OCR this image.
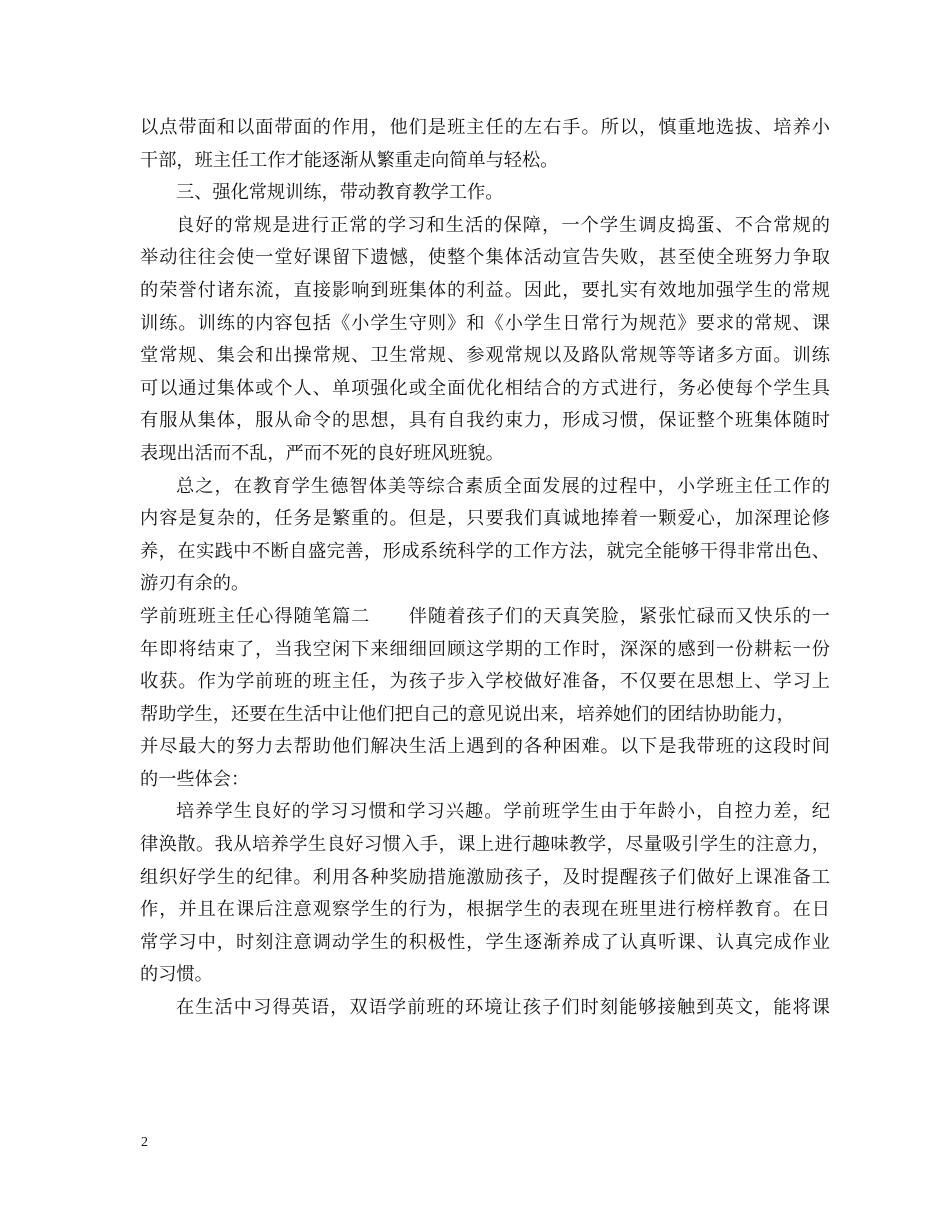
以点带面和以面带面的作用，他们是班主任的左右手。所以，慎重地选拔、培养小
干部，班主任工作才能逐渐从繁重走向简单与轻松。
三、强化常规训练，带动教育教学工作。
良好的常规是进行正常的学习和生活的保障，一个学生调皮捣蛋、不合常规的
举动往往会使一堂好课留下遗憾，使整个集体活动宣告失败，甚至使全班努力争取
的荣誉付诸东流，直接影响到班集体的利益。因此，要扎实有效地加强学生的常规
训练。训练的内容包括《小学生守则》和《小学生日常行为规范》要求的常规、课
堂常规、集会和出操常规、卫生常规、参观常规以及路队常规等等诸多方面。训练
可以通过集体或个人、单项强化或全面优化相结合的方式进行，务必使每个学生具
有服从集体，服从命令的思想，具有自我约束力，形成习惯，保证整个班集体随时
表现出活而不乱，严而不死的良好班风班貌。
总之，在教育学生德智体美等综合素质全面发展的过程中，小学班主任工作的
内容是复杂的，任务是繁重的。但是，只要我们真诚地捧着一颗爱心，加深理论修
养，在实践中不断自盛完善，形成系统科学的工作方法，就完全能够干得非常出色、
游刃有余的。
学前班班主任心得随笔篇二　　伴随着孩子们的天真笑脸，紧张忙碌而又快乐的一
年即将结束了，当我空闲下来细细回顾这学期的工作时，深深的感到一份耕耘一份
收获。作为学前班的班主任，为孩子步入学校做好准备，不仅要在思想上、学习上
帮助学生，还要在生活中让他们把自己的意见说出来，培养她们的团结协助能力，
并尽最大的努力去帮助他们解决生活上遇到的各种困难。以下是我带班的这段时间
的一些体会：
培养学生良好的学习习惯和学习兴趣。学前班学生由于年龄小，自控力差，纪
律涣散。我从培养学生良好习惯入手，课上进行趣味教学，尽量吸引学生的注意力，
组织好学生的纪律。利用各种奖励措施激励孩子，及时提醒孩子们做好上课准备工
作，并且在课后注意观察学生的行为，根据学生的表现在班里进行榜样教育。在日
常学习中，时刻注意调动学生的积极性，学生逐渐养成了认真听课、认真完成作业
的习惯。
在生活中习得英语，双语学前班的环境让孩子们时刻能够接触到英文，能将课
2
